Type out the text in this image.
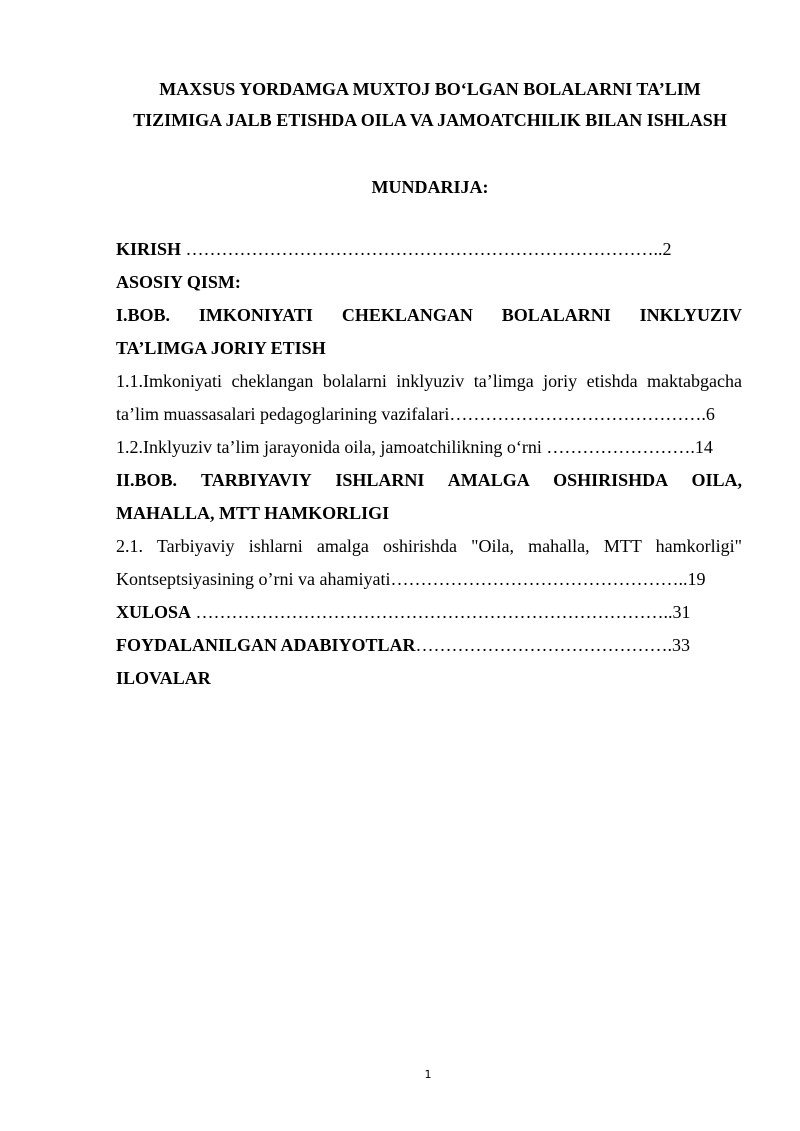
MAXSUS YORDAMGA MUXTOJ BO‘LGAN BOLALARNI TA’LIM

TIZIMIGA JALB ETISHDA OILA VA JAMOATCHILIK BILAN ISHLASH

MUNDARIJA:

KIRISH ……………………………………………………………………..2
ASOSIY QISM:
I.BOB. IMKONIYATI CHEKLANGAN BOLALARNI INKLYUZIV
TA’LIMGA JORIY ETISH
1.1.Imkoniyati cheklangan bolalarni inklyuziv ta’limga joriy etishda maktabgacha
ta’lim muassasalari pedagoglarining vazifalari…………………………………….6
1.2.Inklyuziv ta’lim jarayonida oila, jamoatchilikning o‘rni …………………….14
II.BOB. TARBIYAVIY ISHLARNI AMALGA OSHIRISHDA OILA,
MAHALLA, MTT HAMKORLIGI
2.1. Tarbiyaviy ishlarni amalga oshirishda "Oila, mahalla, MTT hamkorligi"
Kontseptsiyasining o’rni va ahamiyati…………………………………………..19
XULOSA ……………………………………………………………………..31
FOYDALANILGAN ADABIYOTLAR…………………………………….33
ILOVALAR
1
